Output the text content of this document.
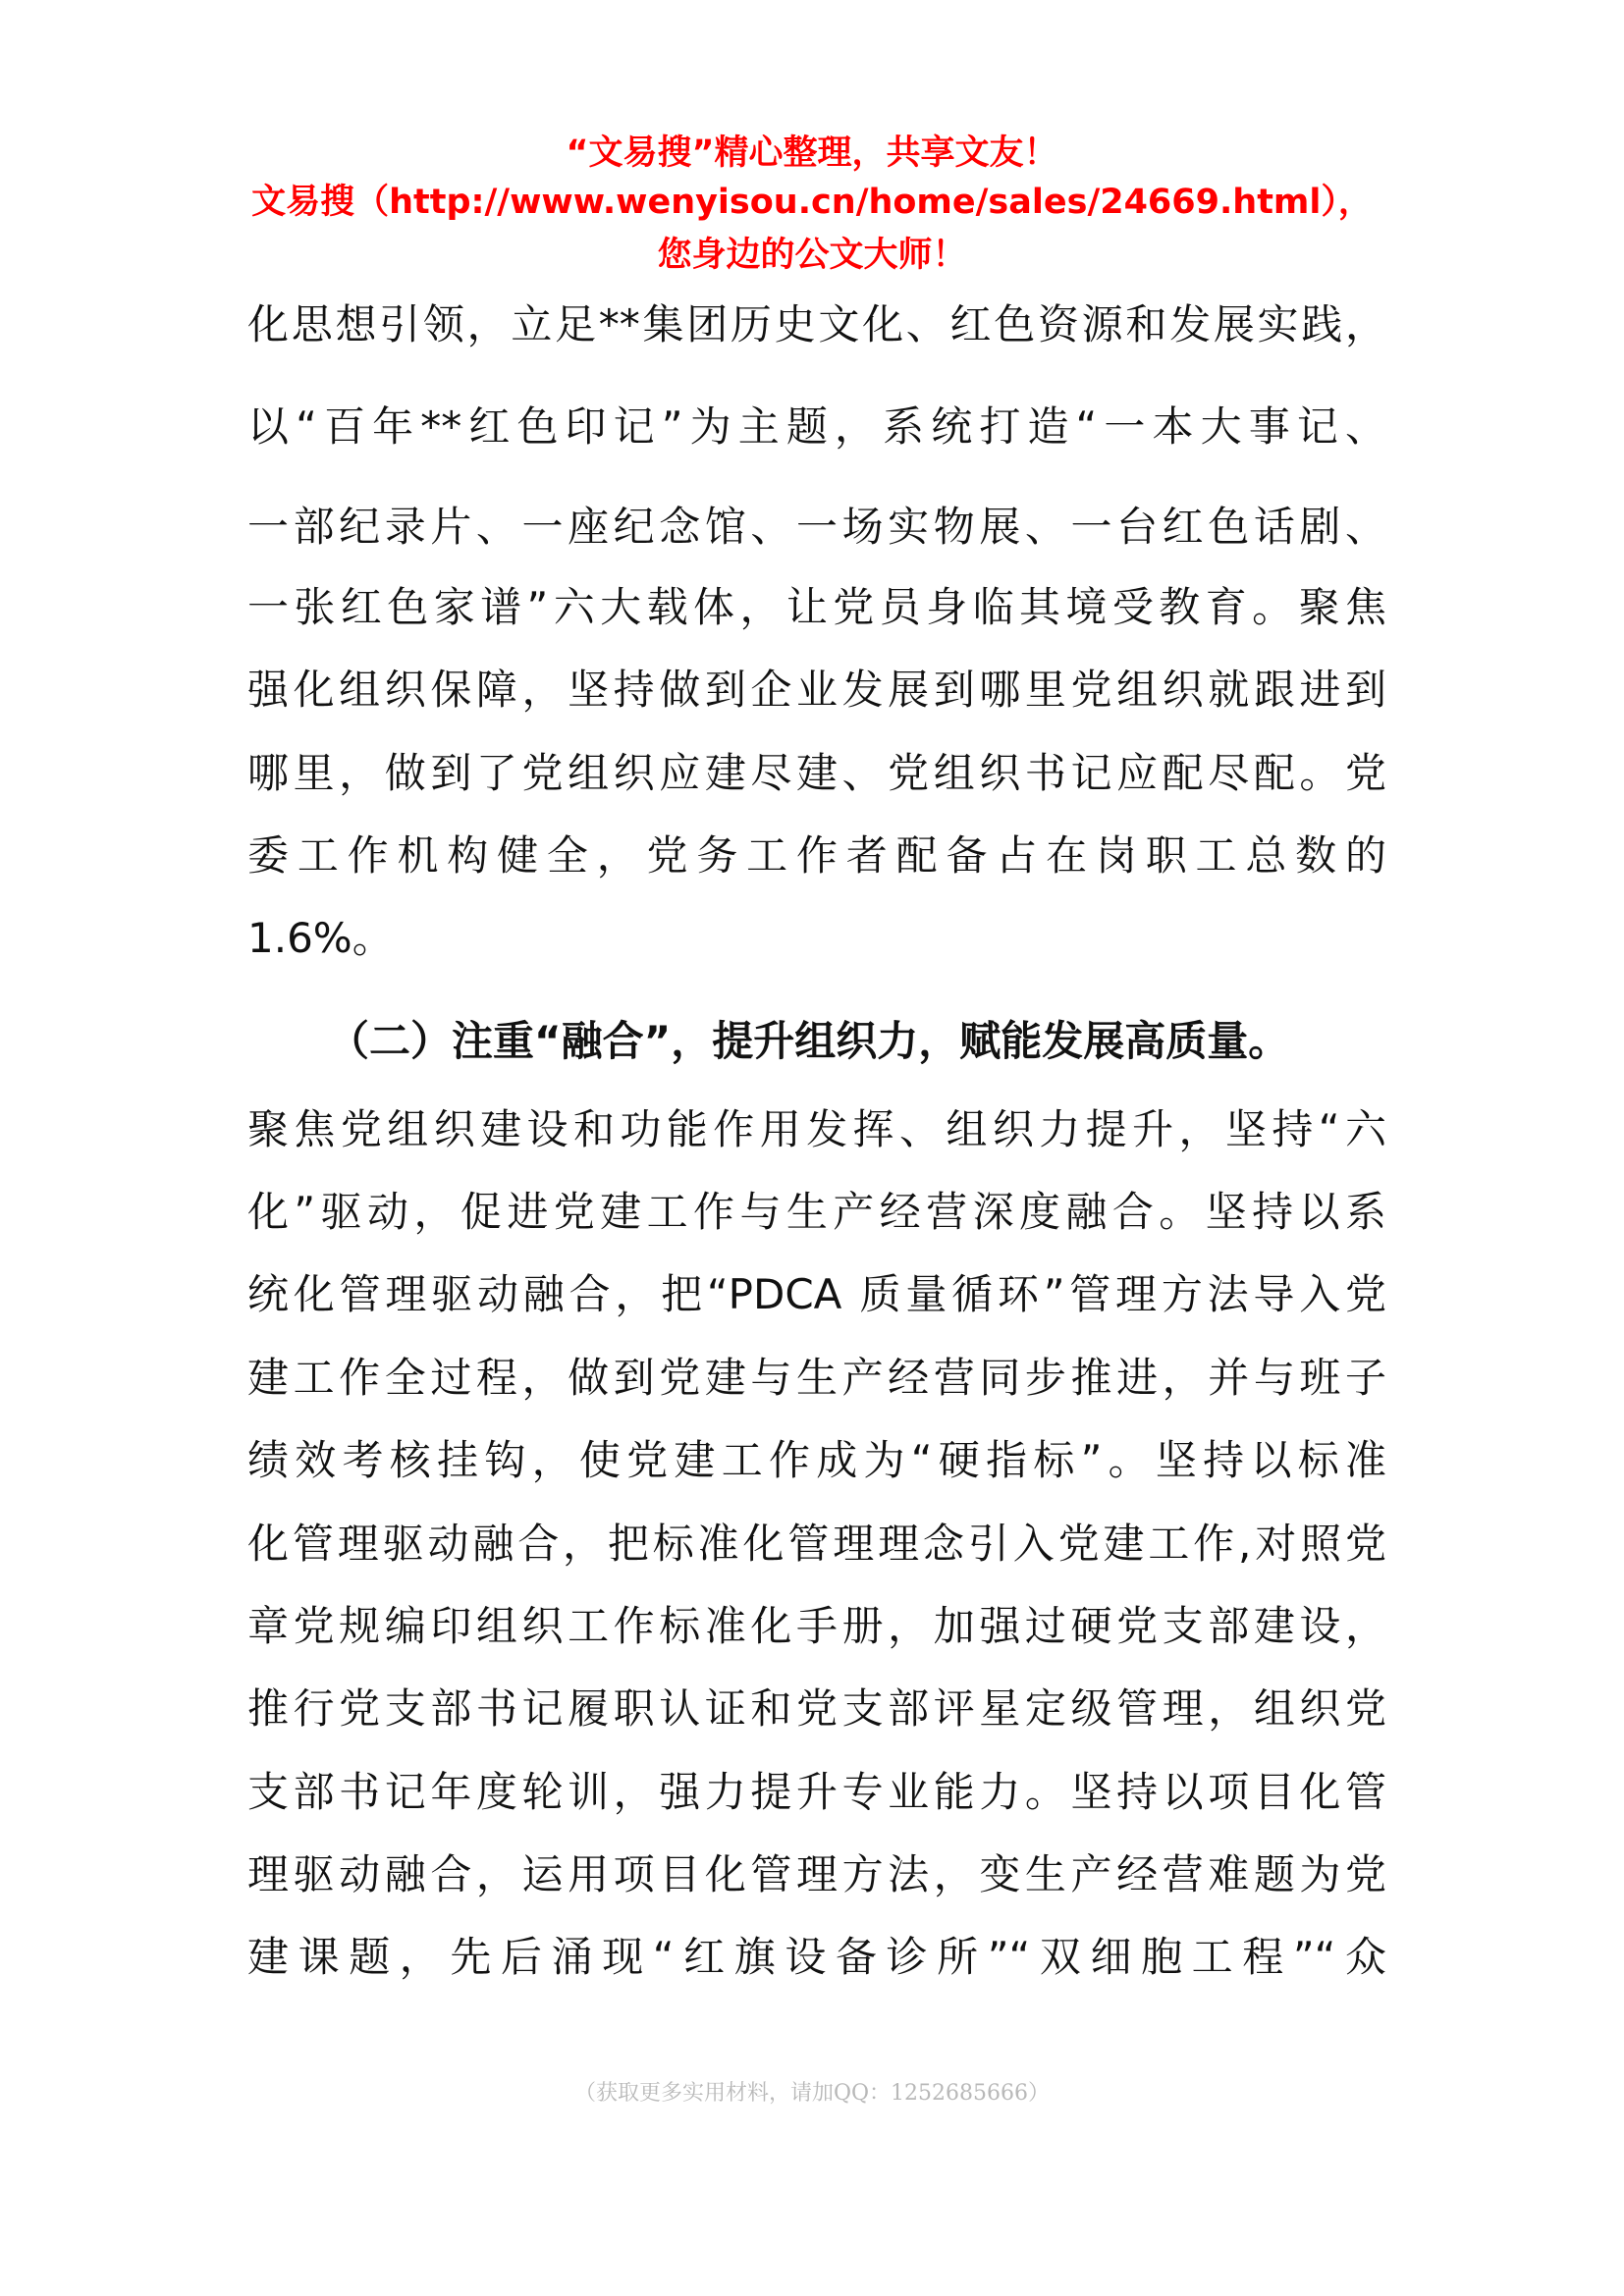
“文易搜”精心整理，共享文友！
文易搜（http://www.wenyisou.cn/home/sales/24669.html），
您身边的公文大师！
化思想引领，立足**集团历史文化、红色资源和发展实践，
以“百年**红色印记”为主题，系统打造“一本大事记、
一部纪录片、一座纪念馆、一场实物展、一台红色话剧、
一张红色家谱”六大载体，让党员身临其境受教育。聚焦
强化组织保障，坚持做到企业发展到哪里党组织就跟进到
哪里，做到了党组织应建尽建、党组织书记应配尽配。党
委工作机构健全，党务工作者配备占在岗职工总数的
1.6%。
（二）注重“融合”，提升组织力，赋能发展高质量。
聚焦党组织建设和功能作用发挥、组织力提升，坚持“六
化”驱动，促进党建工作与生产经营深度融合。坚持以系
统化管理驱动融合，把“PDCA 质量循环”管理方法导入党
建工作全过程，做到党建与生产经营同步推进，并与班子
绩效考核挂钩，使党建工作成为“硬指标”。坚持以标准
化管理驱动融合，把标准化管理理念引入党建工作,对照党
章党规编印组织工作标准化手册，加强过硬党支部建设，
推行党支部书记履职认证和党支部评星定级管理，组织党
支部书记年度轮训，强力提升专业能力。坚持以项目化管
理驱动融合，运用项目化管理方法，变生产经营难题为党
建课题，先后涌现“红旗设备诊所”“双细胞工程”“众
（获取更多实用材料，请加QQ：1252685666）
